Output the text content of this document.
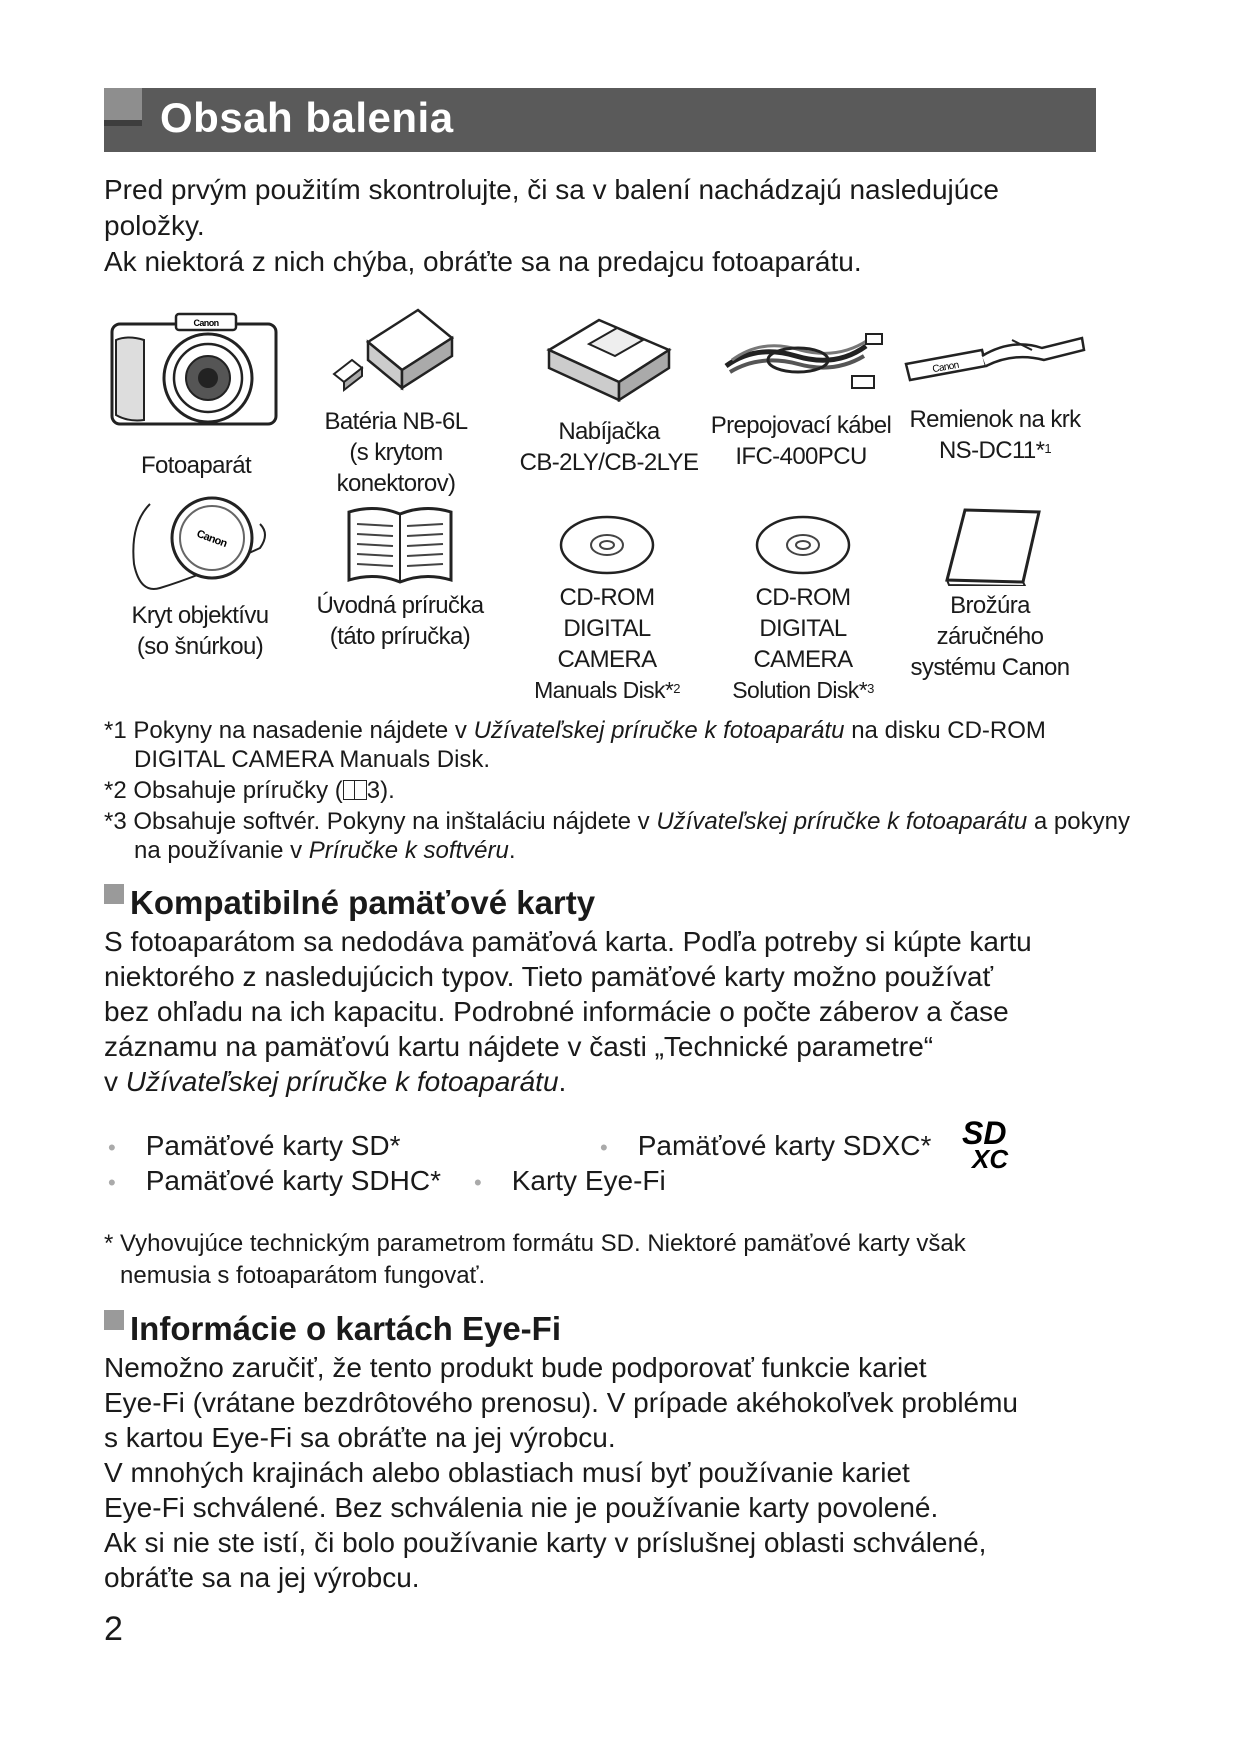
Obsah balenia

Pred prvým použitím skontrolujte, či sa v balení nachádzajú nasledujúce

položky.

Ak niektorá z nich chýba, obráťte sa na predajcu fotoaparátu.

Canon
Fotoaparát
Batéria NB-6L
(s krytom konektorov)
Nabíjačka
CB-2LY/CB-2LYE
Prepojovací kábel
IFC-400PCU
Canon
Remienok na krk
NS-DC11*$^1$
Canon
Kryt objektívu
(so šnúrkou)
Úvodná príručka
(táto príručka)
CD-ROM
DIGITAL CAMERA
Manuals Disk*$^2$
CD-ROM
DIGITAL CAMERA
Solution Disk*$^3$
Brožúra
záručného
systému Canon

*1 Pokyny na nasadenie nájdete v Užívateľskej príručke k fotoaparátu na disku CD-ROM DIGITAL CAMERA Manuals Disk.

*2 Obsahuje príručky ( 3).

*3 Obsahuje softvér. Pokyny na inštaláciu nájdete v Užívateľskej príručke k fotoaparátu a pokyny na používanie v Príručke k softvéru.

Kompatibilné pamäťové karty

S fotoaparátom sa nedodáva pamäťová karta. Podľa potreby si kúpte kartu

niektorého z nasledujúcich typov. Tieto pamäťové karty možno používať

bez ohľadu na ich kapacitu. Podrobné informácie o počte záberov a čase

záznamu na pamäťovú kartu nájdete v časti „Technické parametre“

v Užívateľskej príručke k fotoaparátu.

• Pamäťové karty SD*	• Pamäťové karty SDXC*
• Pamäťové karty SDHC* • Karty Eye-Fi
SD
XC

* Vyhovujúce technickým parametrom formátu SD. Niektoré pamäťové karty však

nemusia s fotoaparátom fungovať.

Informácie o kartách Eye-Fi

Nemožno zaručiť, že tento produkt bude podporovať funkcie kariet

Eye-Fi (vrátane bezdrôtového prenosu). V prípade akéhokoľvek problému

s kartou Eye-Fi sa obráťte na jej výrobcu.

V mnohých krajinách alebo oblastiach musí byť používanie kariet

Eye-Fi schválené. Bez schválenia nie je používanie karty povolené.

Ak si nie ste istí, či bolo používanie karty v príslušnej oblasti schválené,

obráťte sa na jej výrobcu.

2
